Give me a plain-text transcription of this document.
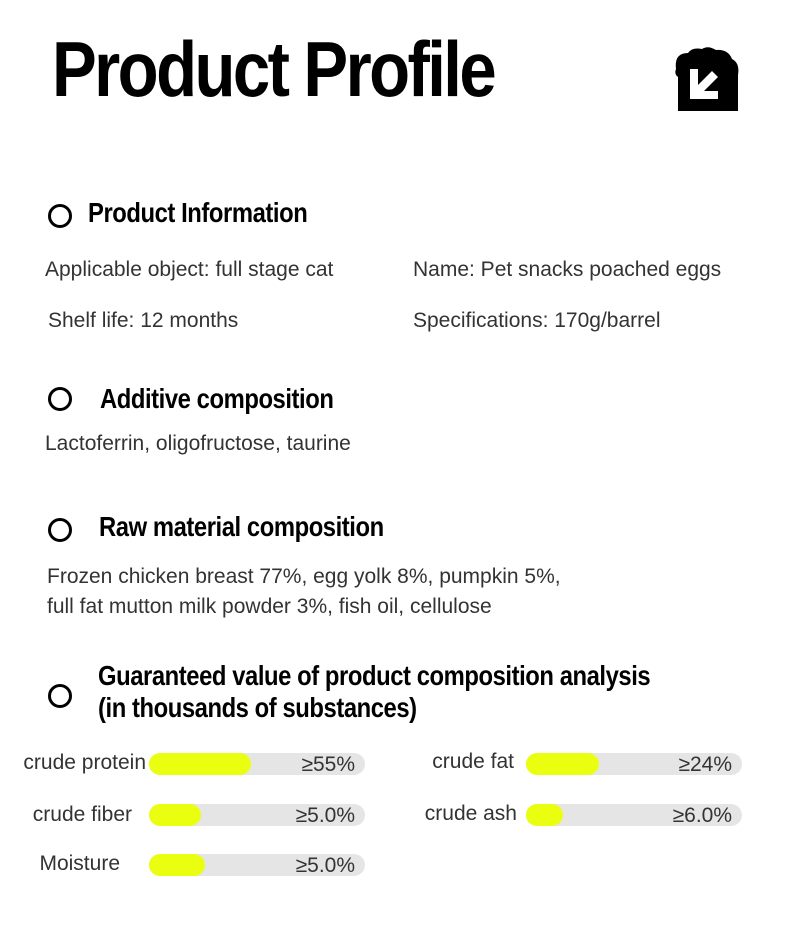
Product Profile
Product Information
Applicable object: full stage cat	Name: Pet snacks poached eggs
Shelf life: 12 months	Specifications: 170g/barrel
Additive composition
Lactoferrin, oligofructose, taurine
Raw material composition
Frozen chicken breast 77%, egg yolk 8%, pumpkin 5%,
full fat mutton milk powder 3%, fish oil, cellulose
Guaranteed value of product composition analysis
(in thousands of substances)
crude protein	≥55%	crude fat	≥24%
crude fiber	≥5.0%	crude ash	≥6.0%
Moisture	≥5.0%
